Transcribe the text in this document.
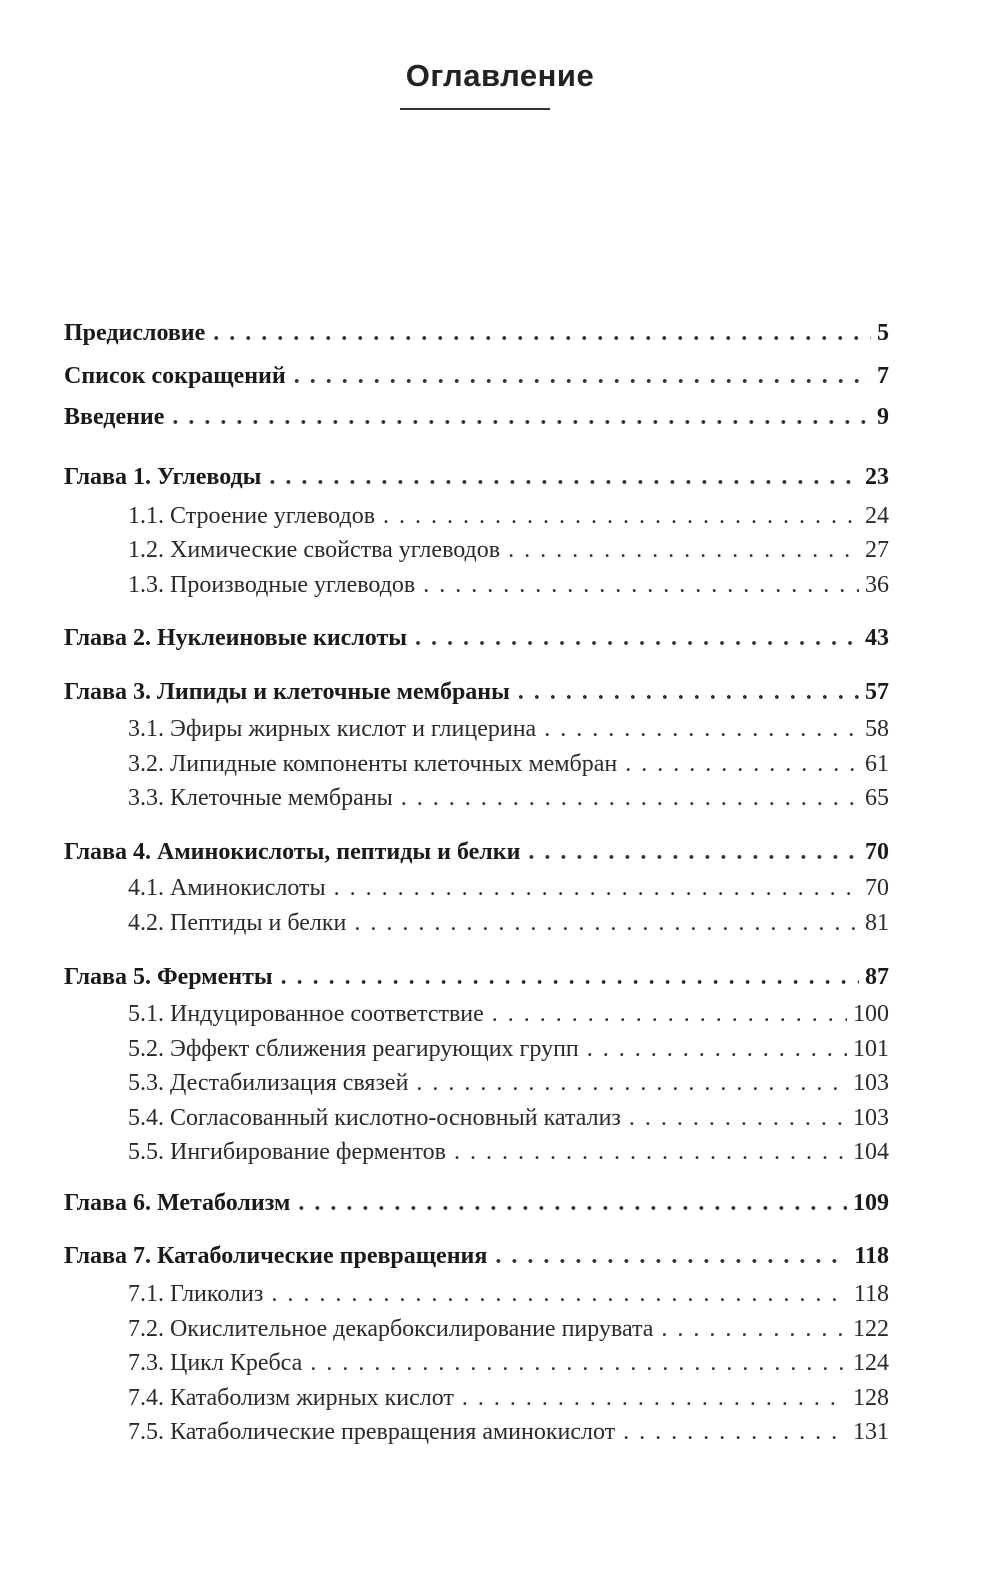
Оглавление
Предисловие . . .	5
Список сокращений . . .	7
Введение . . .	9
Глава 1. Углеводы . . .	23
1.1. Строение углеводов . . .	24
1.2. Химические свойства углеводов . . .	27
1.3. Производные углеводов . . .	36
Глава 2. Нуклеиновые кислоты . . .	43
Глава 3. Липиды и клеточные мембраны . . .	57
3.1. Эфиры жирных кислот и глицерина . . .	58
3.2. Липидные компоненты клеточных мембран . . .	61
3.3. Клеточные мембраны . . .	65
Глава 4. Аминокислоты, пептиды и белки . . .	70
4.1. Аминокислоты . . .	70
4.2. Пептиды и белки . . .	81
Глава 5. Ферменты . . .	87
5.1. Индуцированное соответствие . . .	100
5.2. Эффект сближения реагирующих групп . . .	101
5.3. Дестабилизация связей . . .	103
5.4. Согласованный кислотно-основный катализ . . .	103
5.5. Ингибирование ферментов . . .	104
Глава 6. Метаболизм . . .	109
Глава 7. Катаболические превращения . . .	118
7.1. Гликолиз . . .	118
7.2. Окислительное декарбоксилирование пирувата . . .	122
7.3. Цикл Кребса . . .	124
7.4. Катаболизм жирных кислот . . .	128
7.5. Катаболические превращения аминокислот . . .	131
